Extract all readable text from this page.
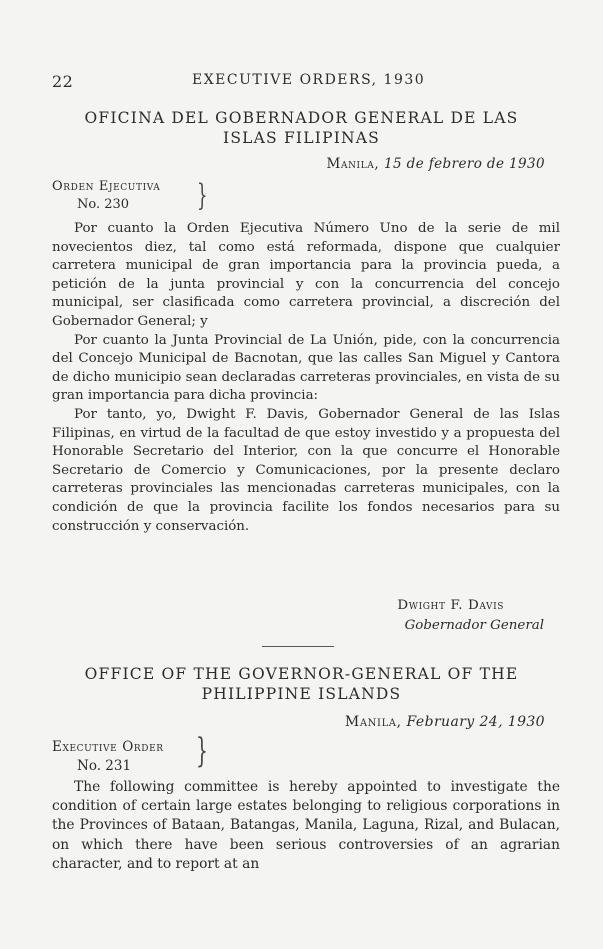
22	EXECUTIVE ORDERS, 1930
OFICINA DEL GOBERNADOR GENERAL DE LAS
ISLAS FILIPINAS
Manila, 15 de febrero de 1930
Orden Ejecutiva
No. 230	}

Por cuanto la Orden Ejecutiva Número Uno de la serie de mil novecientos diez, tal como está reformada, dispone que cualquier carretera municipal de gran importancia para la provincia pueda, a petición de la junta provincial y con la concurrencia del concejo municipal, ser clasificada como carretera provincial, a discreción del Gobernador General; y

Por cuanto la Junta Provincial de La Unión, pide, con la concurrencia del Concejo Municipal de Bacnotan, que las calles San Miguel y Cantora de dicho municipio sean declaradas carreteras provinciales, en vista de su gran importancia para dicha provincia:

Por tanto, yo, Dwight F. Davis, Gobernador General de las Islas Filipinas, en virtud de la facultad de que estoy investido y a propuesta del Honorable Secretario del Interior, con la que concurre el Honorable Secretario de Comercio y Comunicaciones, por la presente declaro carreteras provinciales las mencionadas carreteras municipales, con la condición de que la provincia facilite los fondos necesarios para su construcción y conservación.

Dwight F. Davis
Gobernador General
OFFICE OF THE GOVERNOR-GENERAL OF THE
PHILIPPINE ISLANDS
Manila, February 24, 1930
Executive Order
No. 231	}

The following committee is hereby appointed to investigate the condition of certain large estates belonging to religious corporations in the Provinces of Bataan, Batangas, Manila, Laguna, Rizal, and Bulacan, on which there have been serious controversies of an agrarian character, and to report at an
